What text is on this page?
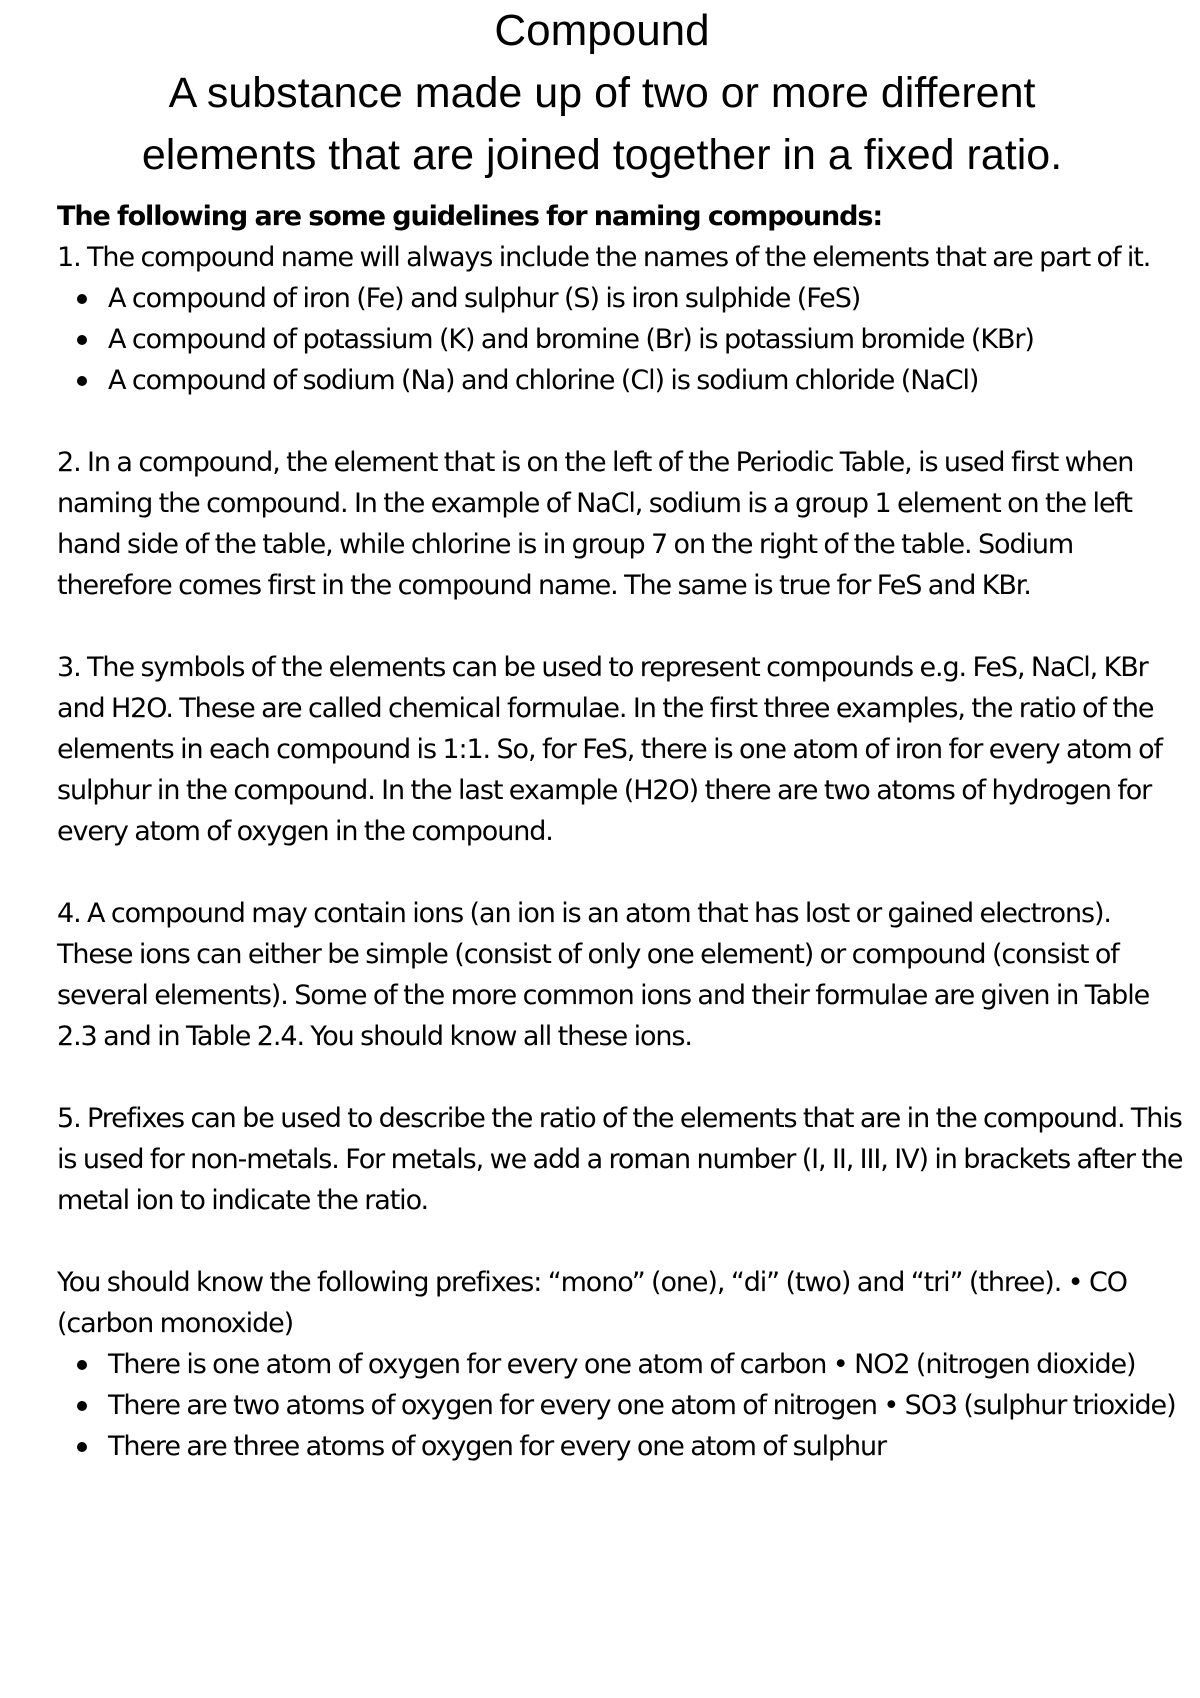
Compound
A substance made up of two or more different
elements that are joined together in a fixed ratio.

The following are some guidelines for naming compounds:

1. The compound name will always include the names of the elements that are part of it.

A compound of iron (Fe) and sulphur (S) is iron sulphide (FeS)
A compound of potassium (K) and bromine (Br) is potassium bromide (KBr)
A compound of sodium (Na) and chlorine (Cl) is sodium chloride (NaCl)

2. In a compound, the element that is on the left of the Periodic Table, is used first when naming the compound. In the example of NaCl, sodium is a group 1 element on the left hand side of the table, while chlorine is in group 7 on the right of the table. Sodium therefore comes first in the compound name. The same is true for FeS and KBr.

3. The symbols of the elements can be used to represent compounds e.g. FeS, NaCl, KBr and H2O. These are called chemical formulae. In the first three examples, the ratio of the elements in each compound is 1:1. So, for FeS, there is one atom of iron for every atom of sulphur in the compound. In the last example (H2O) there are two atoms of hydrogen for every atom of oxygen in the compound.

4. A compound may contain ions (an ion is an atom that has lost or gained electrons). These ions can either be simple (consist of only one element) or compound (consist of several elements). Some of the more common ions and their formulae are given in Table 2.3 and in Table 2.4. You should know all these ions.

5. Prefixes can be used to describe the ratio of the elements that are in the compound. This is used for non-metals. For metals, we add a roman number (I, II, III, IV) in brackets after the metal ion to indicate the ratio.

You should know the following prefixes: “mono” (one), “di” (two) and “tri” (three). • CO (carbon monoxide)

There is one atom of oxygen for every one atom of carbon • NO2 (nitrogen dioxide)
There are two atoms of oxygen for every one atom of nitrogen • SO3 (sulphur trioxide)
There are three atoms of oxygen for every one atom of sulphur
